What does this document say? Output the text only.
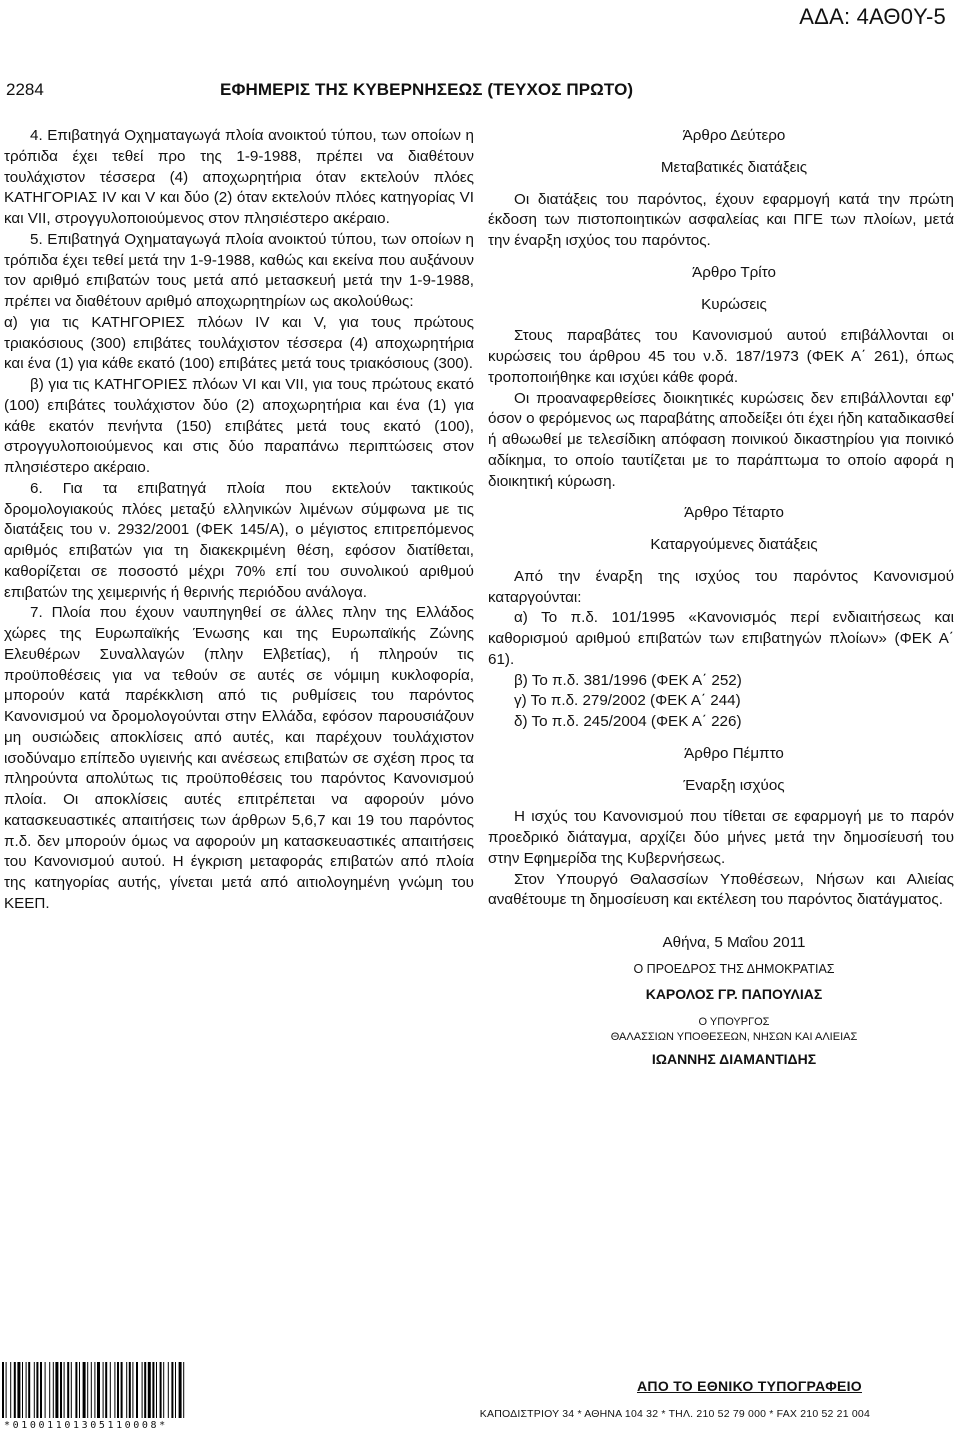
ΑΔΑ: 4ΑΘ0Υ-5
2284	ΕΦΗΜΕΡΙΣ ΤΗΣ ΚΥΒΕΡΝΗΣΕΩΣ (ΤΕΥΧΟΣ ΠΡΩΤΟ)

4. Επιβατηγά Οχηματαγωγά πλοία ανοικτού τύπου, των οποίων η τρόπιδα έχει τεθεί προ της 1-9-1988, πρέπει να διαθέτουν τουλάχιστον τέσσερα (4) αποχωρητήρια όταν εκτελούν πλόες ΚΑΤΗΓΟΡΙΑΣ IV και V και δύο (2) όταν εκτελούν πλόες κατηγορίας VI και VII, στρογγυλοποιούμενος στον πλησιέστερο ακέραιο.

5. Επιβατηγά Οχηματαγωγά πλοία ανοικτού τύπου, των οποίων η τρόπιδα έχει τεθεί μετά την 1-9-1988, καθώς και εκείνα που αυξάνουν τον αριθμό επιβατών τους μετά από μετασκευή μετά την 1-9-1988, πρέπει να διαθέτουν αριθμό αποχωρητηρίων ως ακολούθως:

α) για τις ΚΑΤΗΓΟΡΙΕΣ πλόων IV και V, για τους πρώτους τριακόσιους (300) επιβάτες τουλάχιστον τέσσερα (4) αποχωρητήρια και ένα (1) για κάθε εκατό (100) επιβάτες μετά τους τριακόσιους (300).

β) για τις ΚΑΤΗΓΟΡΙΕΣ πλόων VI και VII, για τους πρώτους εκατό (100) επιβάτες τουλάχιστον δύο (2) αποχωρητήρια και ένα (1) για κάθε εκατόν πενήντα (150) επιβάτες μετά τους εκατό (100), στρογγυλοποιούμενος και στις δύο παραπάνω περιπτώσεις στον πλησιέστερο ακέραιο.

6. Για τα επιβατηγά πλοία που εκτελούν τακτικούς δρομολογιακούς πλόες μεταξύ ελληνικών λιμένων σύμφωνα με τις διατάξεις του ν. 2932/2001 (ΦΕΚ 145/Α), ο μέγιστος επιτρεπόμενος αριθμός επιβατών για τη διακεκριμένη θέση, εφόσον διατίθεται, καθορίζεται σε ποσοστό μέχρι 70% επί του συνολικού αριθμού επιβατών της χειμερινής ή θερινής περιόδου ανάλογα.

7. Πλοία που έχουν ναυπηγηθεί σε άλλες πλην της Ελλάδος χώρες της Ευρωπαϊκής Ένωσης και της Ευρωπαϊκής Ζώνης Ελευθέρων Συναλλαγών (πλην Ελβετίας), ή πληρούν τις προϋποθέσεις για να τεθούν σε αυτές σε νόμιμη κυκλοφορία, μπορούν κατά παρέκκλιση από τις ρυθμίσεις του παρόντος Κανονισμού να δρομολογούνται στην Ελλάδα, εφόσον παρουσιάζουν μη ουσιώδεις αποκλίσεις από αυτές, και παρέχουν τουλάχιστον ισοδύναμο επίπεδο υγιεινής και ανέσεως επιβατών σε σχέση προς τα πληρούντα απολύτως τις προϋποθέσεις του παρόντος Κανονισμού πλοία. Οι αποκλίσεις αυτές επιτρέπεται να αφορούν μόνο κατασκευαστικές απαιτήσεις των άρθρων 5,6,7 και 19 του παρόντος π.δ. δεν μπορούν όμως να αφορούν μη κατασκευαστικές απαιτήσεις του Κανονισμού αυτού. Η έγκριση μεταφοράς επιβατών από πλοία της κατηγορίας αυτής, γίνεται μετά από αιτιολογημένη γνώμη του ΚΕΕΠ.

Άρθρο Δεύτερο

Μεταβατικές διατάξεις

Οι διατάξεις του παρόντος, έχουν εφαρμογή κατά την πρώτη έκδοση των πιστοποιητικών ασφαλείας και ΠΓΕ των πλοίων, μετά την έναρξη ισχύος του παρόντος.

Άρθρο Τρίτο

Κυρώσεις

Στους παραβάτες του Κανονισμού αυτού επιβάλλονται οι κυρώσεις του άρθρου 45 του ν.δ. 187/1973 (ΦΕΚ Α΄ 261), όπως τροποποιήθηκε και ισχύει κάθε φορά.

Οι προαναφερθείσες διοικητικές κυρώσεις δεν επιβάλλονται εφ' όσον ο φερόμενος ως παραβάτης αποδείξει ότι έχει ήδη καταδικασθεί ή αθωωθεί με τελεσίδικη απόφαση ποινικού δικαστηρίου για ποινικό αδίκημα, το οποίο ταυτίζεται με το παράπτωμα το οποίο αφορά η διοικητική κύρωση.

Άρθρο Τέταρτο

Καταργούμενες διατάξεις

Από την έναρξη της ισχύος του παρόντος Κανονισμού καταργούνται:

α) Το π.δ. 101/1995 «Κανονισμός περί ενδιαιτήσεως και καθορισμού αριθμού επιβατών των επιβατηγών πλοίων» (ΦΕΚ Α΄ 61).

β) Το π.δ. 381/1996 (ΦΕΚ Α΄ 252)

γ) Το π.δ. 279/2002 (ΦΕΚ Α΄ 244)

δ) Το π.δ. 245/2004 (ΦΕΚ Α΄ 226)

Άρθρο Πέμπτο

Έναρξη ισχύος

Η ισχύς του Κανονισμού που τίθεται σε εφαρμογή με το παρόν προεδρικό διάταγμα, αρχίζει δύο μήνες μετά την δημοσίευσή του στην Εφημερίδα της Κυβερνήσεως.

Στον Υπουργό Θαλασσίων Υποθέσεων, Νήσων και Αλιείας αναθέτουμε τη δημοσίευση και εκτέλεση του παρόντος διατάγματος.

Αθήνα, 5 Μαΐου 2011

Ο ΠΡΟΕΔΡΟΣ ΤΗΣ ΔΗΜΟΚΡΑΤΙΑΣ

ΚΑΡΟΛΟΣ ΓΡ. ΠΑΠΟΥΛΙΑΣ

Ο ΥΠΟΥΡΓΟΣ

ΘΑΛΑΣΣΙΩΝ ΥΠΟΘΕΣΕΩΝ, ΝΗΣΩΝ ΚΑΙ ΑΛΙΕΙΑΣ

ΙΩΑΝΝΗΣ ΔΙΑΜΑΝΤΙΔΗΣ

*01001101305110008*
ΑΠΟ ΤΟ ΕΘΝΙΚΟ ΤΥΠΟΓΡΑΦΕΙΟ
ΚΑΠΟΔΙΣΤΡΙΟΥ 34 * ΑΘΗΝΑ 104 32 * ΤΗΛ. 210 52 79 000 * FAX 210 52 21 004
